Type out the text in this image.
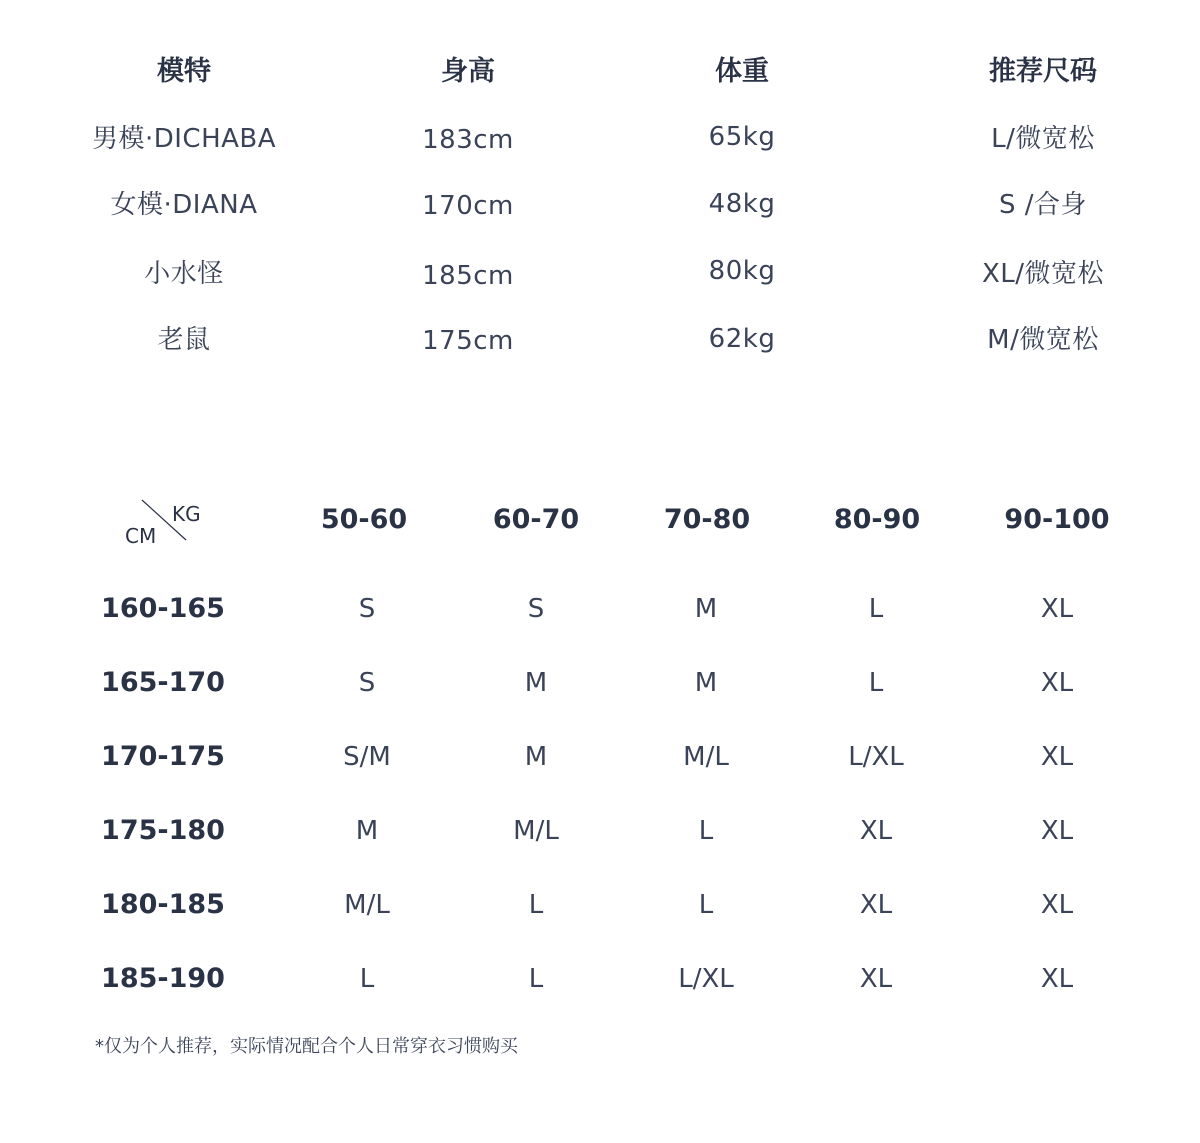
模特	身高	体重	推荐尺码
男模·DICHABA	183cm	65kg	L/微宽松
女模·DIANA	170cm	48kg	S /合身
小水怪	185cm	80kg	XL/微宽松
老鼠	175cm	62kg	M/微宽松
KG
CM
50-60	60-70	70-80	80-90	90-100
160-165	S	S	M	L	XL
165-170	S	M	M	L	XL
170-175	S/M	M	M/L	L/XL	XL
175-180	M	M/L	L	XL	XL
180-185	M/L	L	L	XL	XL
185-190	L	L	L/XL	XL	XL
*仅为个人推荐，实际情况配合个人日常穿衣习惯购买
